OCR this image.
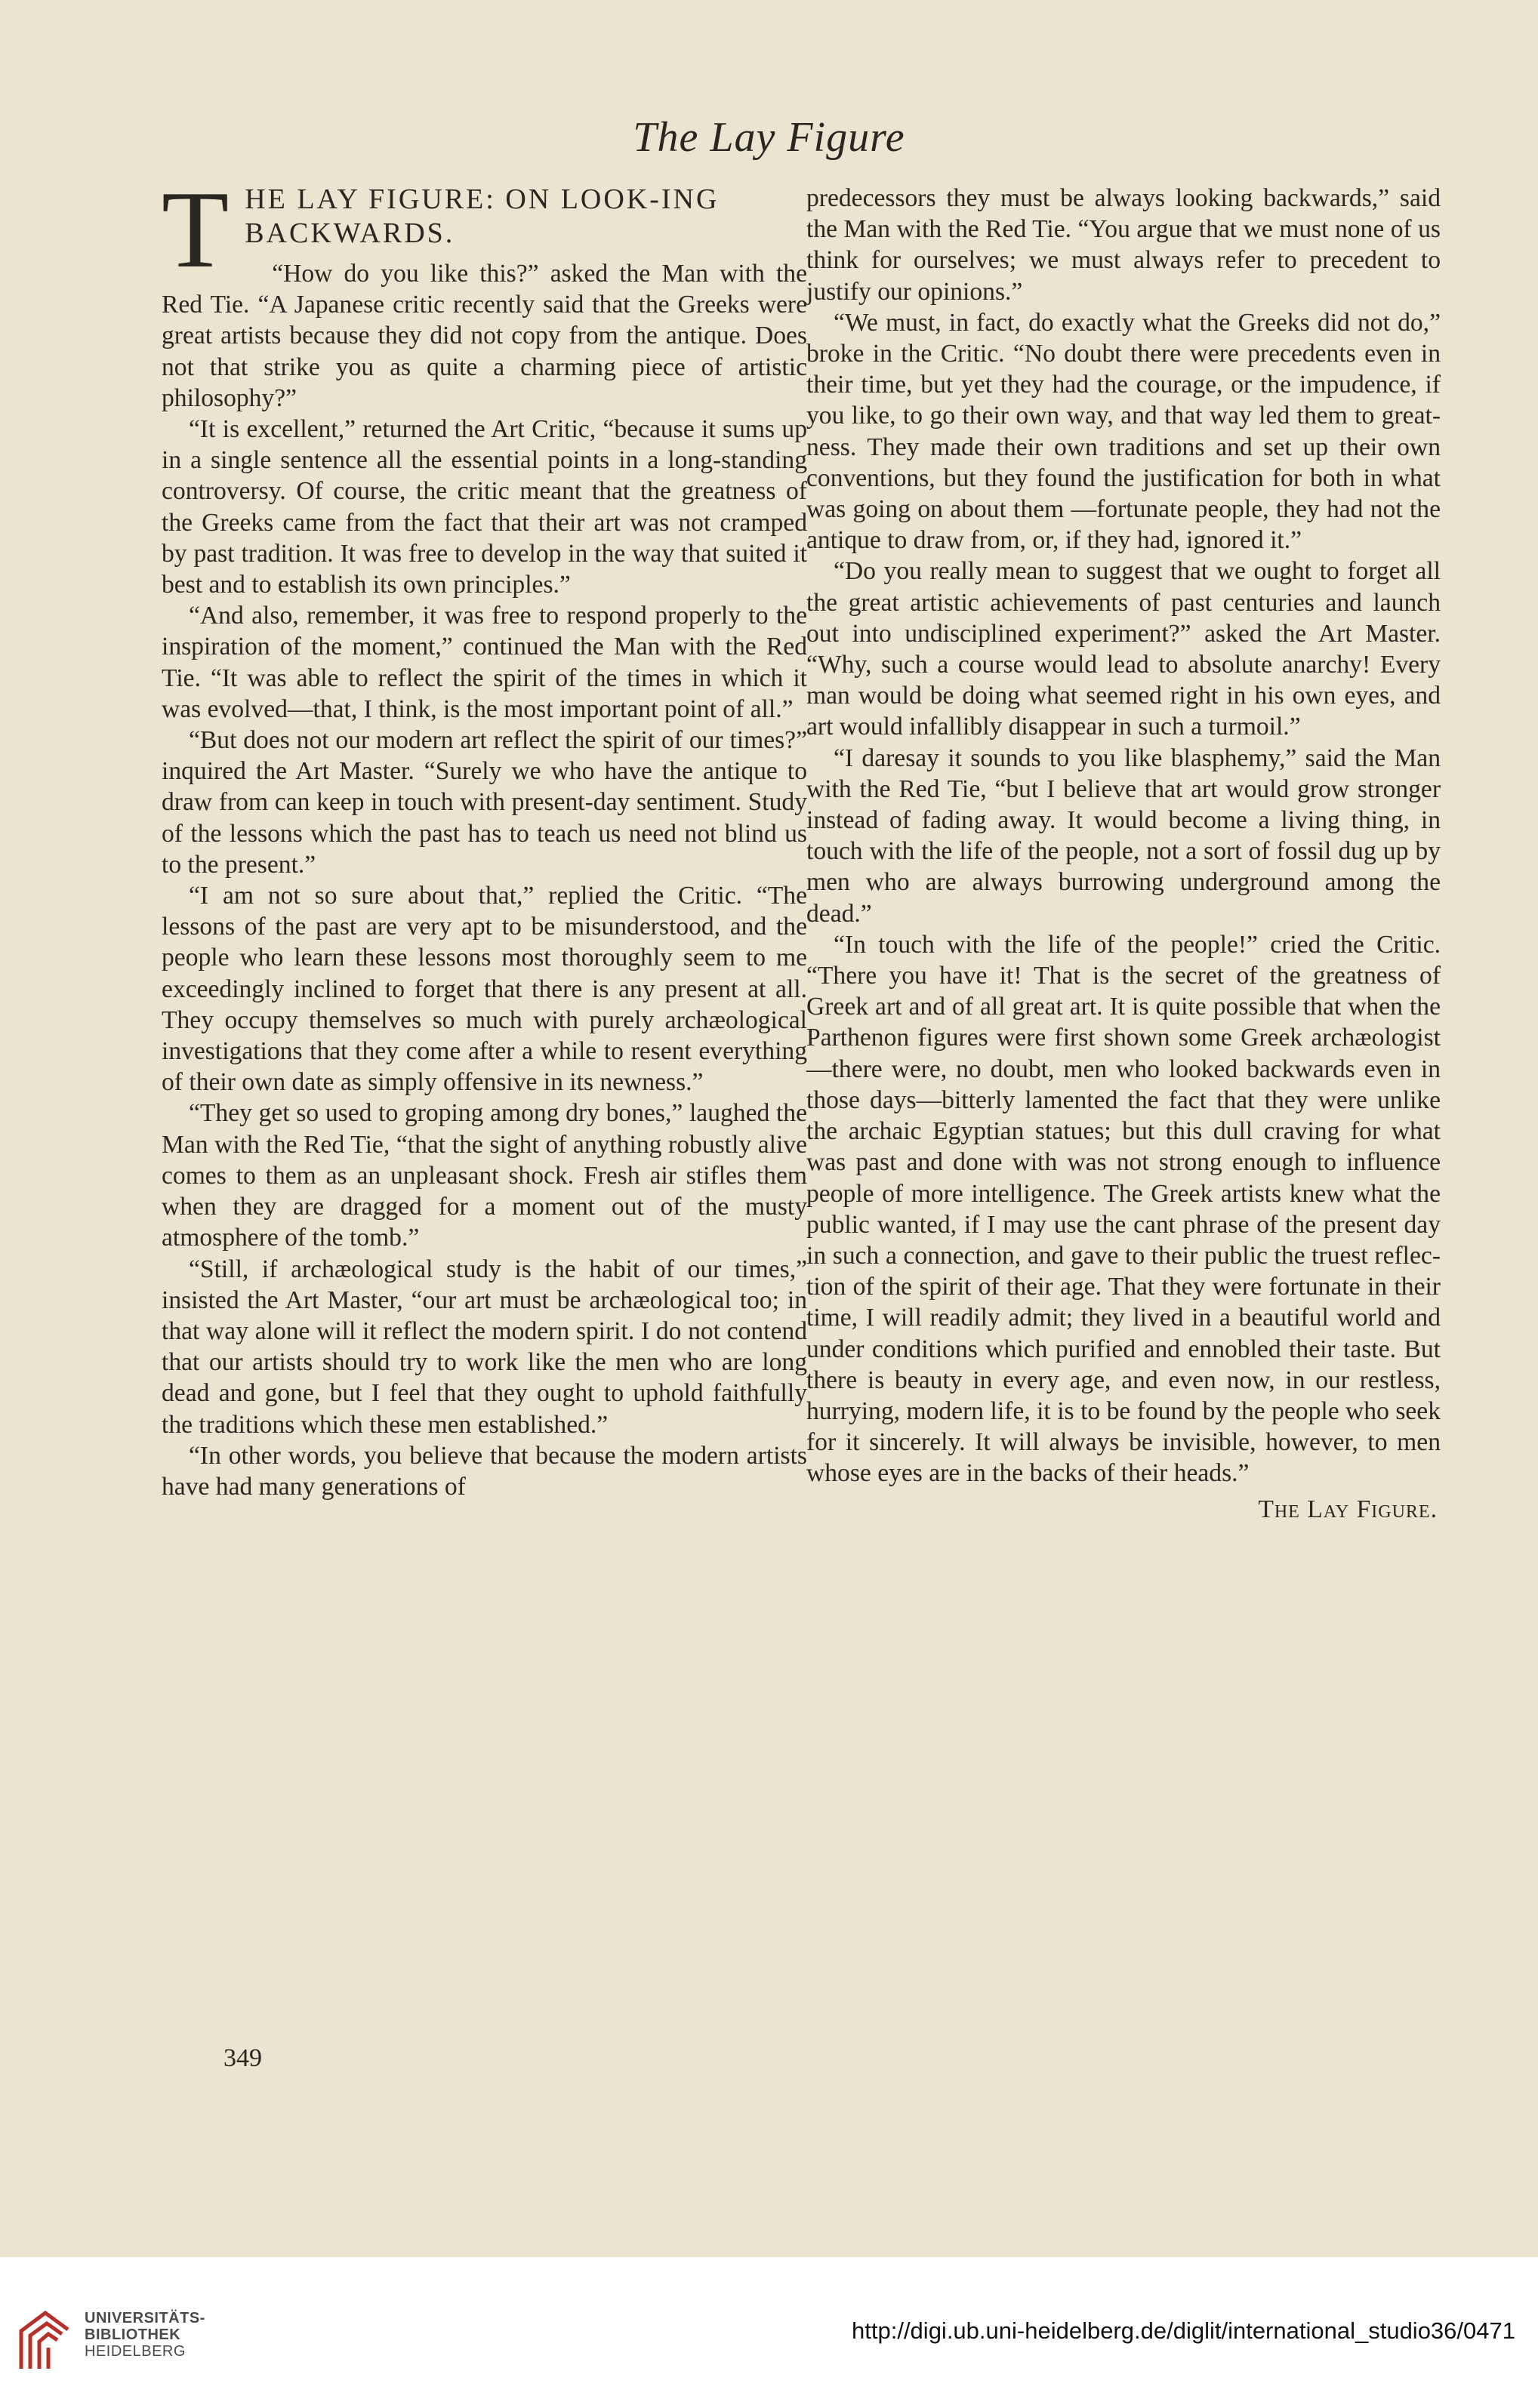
The Lay Figure
THE LAY FIGURE: ON LOOK-ING BACKWARDS.

“How do you like this?” asked the Man with the Red Tie. “A Japanese critic recently said that the Greeks were great artists because they did not copy from the antique. Does not that strike you as quite a charming piece of artistic philosophy?”

“It is excellent,” returned the Art Critic, “because it sums up in a single sentence all the essential points in a long-standing controversy. Of course, the critic meant that the greatness of the Greeks came from the fact that their art was not cramped by past tradition. It was free to develop in the way that suited it best and to establish its own principles.”

“And also, remember, it was free to respond properly to the inspiration of the moment,” continued the Man with the Red Tie. “It was able to reflect the spirit of the times in which it was evolved—that, I think, is the most important point of all.”

“But does not our modern art reflect the spirit of our times?” inquired the Art Master. “Surely we who have the antique to draw from can keep in touch with present-day sentiment. Study of the lessons which the past has to teach us need not blind us to the present.”

“I am not so sure about that,” replied the Critic. “The lessons of the past are very apt to be misunderstood, and the people who learn these lessons most thoroughly seem to me exceedingly inclined to forget that there is any present at all. They occupy themselves so much with purely archæological investigations that they come after a while to resent everything of their own date as simply offensive in its newness.”

“They get so used to groping among dry bones,” laughed the Man with the Red Tie, “that the sight of anything robustly alive comes to them as an unpleasant shock. Fresh air stifles them when they are dragged for a moment out of the musty atmosphere of the tomb.”

“Still, if archæological study is the habit of our times,” insisted the Art Master, “our art must be archæological too; in that way alone will it reflect the modern spirit. I do not contend that our artists should try to work like the men who are long dead and gone, but I feel that they ought to uphold faithfully the traditions which these men established.”

“In other words, you believe that because the modern artists have had many generations of

predecessors they must be always looking backwards,” said the Man with the Red Tie. “You argue that we must none of us think for ourselves; we must always refer to precedent to justify our opinions.”

“We must, in fact, do exactly what the Greeks did not do,” broke in the Critic. “No doubt there were precedents even in their time, but yet they had the courage, or the impudence, if you like, to go their own way, and that way led them to greatness. They made their own traditions and set up their own conventions, but they found the justification for both in what was going on about them —fortunate people, they had not the antique to draw from, or, if they had, ignored it.”

“Do you really mean to suggest that we ought to forget all the great artistic achievements of past centuries and launch out into undisciplined experiment?” asked the Art Master. “Why, such a course would lead to absolute anarchy! Every man would be doing what seemed right in his own eyes, and art would infallibly disappear in such a turmoil.”

“I daresay it sounds to you like blasphemy,” said the Man with the Red Tie, “but I believe that art would grow stronger instead of fading away. It would become a living thing, in touch with the life of the people, not a sort of fossil dug up by men who are always burrowing underground among the dead.”

“In touch with the life of the people!” cried the Critic. “There you have it! That is the secret of the greatness of Greek art and of all great art. It is quite possible that when the Parthenon figures were first shown some Greek archæologist—there were, no doubt, men who looked backwards even in those days—bitterly lamented the fact that they were unlike the archaic Egyptian statues; but this dull craving for what was past and done with was not strong enough to influence people of more intelligence. The Greek artists knew what the public wanted, if I may use the cant phrase of the present day in such a connection, and gave to their public the truest reflection of the spirit of their age. That they were fortunate in their time, I will readily admit; they lived in a beautiful world and under conditions which purified and ennobled their taste. But there is beauty in every age, and even now, in our restless, hurrying, modern life, it is to be found by the people who seek for it sincerely. It will always be invisible, however, to men whose eyes are in the backs of their heads.”

The Lay Figure.

349
UNIVERSITÄTS-
BIBLIOTHEK
HEIDELBERG
http://digi.ub.uni-heidelberg.de/diglit/international_studio36/0471
